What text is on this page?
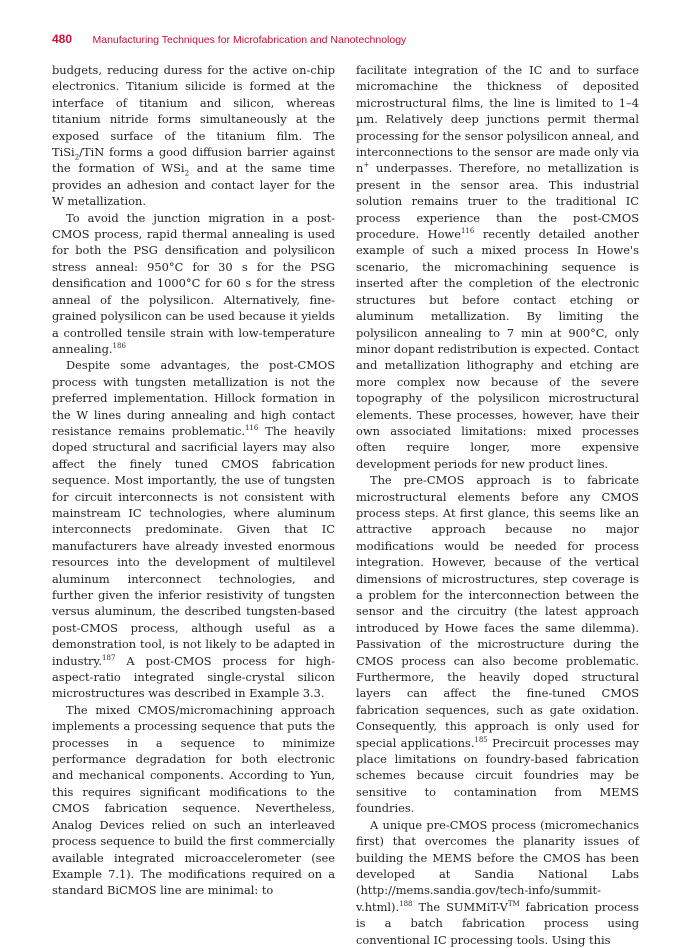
480 Manufacturing Techniques for Microfabrication and Nanotechnology

budgets, reducing duress for the active on-chip electronics. Titanium silicide is formed at the interface of titanium and silicon, whereas titanium nitride forms simultaneously at the exposed surface of the titanium film. The TiSi$_2$/TiN forms a good diffusion barrier against the formation of WSi$_2$ and at the same time provides an adhesion and contact layer for the W metallization.

To avoid the junction migration in a post-CMOS process, rapid thermal annealing is used for both the PSG densification and polysilicon stress anneal: 950°C for 30 s for the PSG densification and 1000°C for 60 s for the stress anneal of the polysilicon. Alternatively, fine-grained polysilicon can be used because it yields a controlled tensile strain with low-temperature annealing.$^{186}$

Despite some advantages, the post-CMOS process with tungsten metallization is not the preferred implementation. Hillock formation in the W lines during annealing and high contact resistance remains problematic.$^{116}$ The heavily doped structural and sacrificial layers may also affect the finely tuned CMOS fabrication sequence. Most importantly, the use of tungsten for circuit interconnects is not consistent with mainstream IC technologies, where aluminum interconnects predominate. Given that IC manufacturers have already invested enormous resources into the development of multilevel aluminum interconnect technologies, and further given the inferior resistivity of tungsten versus aluminum, the described tungsten-based post-CMOS process, although useful as a demonstration tool, is not likely to be adapted in industry.$^{187}$ A post-CMOS process for high-aspect-ratio integrated single-crystal silicon microstructures was described in Example 3.3.

The mixed CMOS/micromachining approach implements a processing sequence that puts the processes in a sequence to minimize performance degradation for both electronic and mechanical components. According to Yun, this requires significant modifications to the CMOS fabrication sequence. Nevertheless, Analog Devices relied on such an interleaved process sequence to build the first commercially available integrated microaccelerometer (see Example 7.1). The modifications required on a standard BiCMOS line are minimal: to

facilitate integration of the IC and to surface micromachine the thickness of deposited microstructural films, the line is limited to 1–4 µm. Relatively deep junctions permit thermal processing for the sensor polysilicon anneal, and interconnections to the sensor are made only via n+ underpasses. Therefore, no metallization is present in the sensor area. This industrial solution remains truer to the traditional IC process experience than the post-CMOS procedure. Howe$^{116}$ recently detailed another example of such a mixed process In Howe's scenario, the micromachining sequence is inserted after the completion of the electronic structures but before contact etching or aluminum metallization. By limiting the polysilicon annealing to 7 min at 900°C, only minor dopant redistribution is expected. Contact and metallization lithography and etching are more complex now because of the severe topography of the polysilicon microstructural elements. These processes, however, have their own associated limitations: mixed processes often require longer, more expensive development periods for new product lines.

The pre-CMOS approach is to fabricate microstructural elements before any CMOS process steps. At first glance, this seems like an attractive approach because no major modifications would be needed for process integration. However, because of the vertical dimensions of microstructures, step coverage is a problem for the interconnection between the sensor and the circuitry (the latest approach introduced by Howe faces the same dilemma). Passivation of the microstructure during the CMOS process can also become problematic. Furthermore, the heavily doped structural layers can affect the fine-tuned CMOS fabrication sequences, such as gate oxidation. Consequently, this approach is only used for special applications.$^{185}$ Precircuit processes may place limitations on foundry-based fabrication schemes because circuit foundries may be sensitive to contamination from MEMS foundries.

A unique pre-CMOS process (micromechanics first) that overcomes the planarity issues of building the MEMS before the CMOS has been developed at Sandia National Labs (http://mems.sandia.gov/tech-info/summit-v.html).$^{188}$ The SUMMiT-V™ fabrication process is a batch fabrication process using conventional IC processing tools. Using this
